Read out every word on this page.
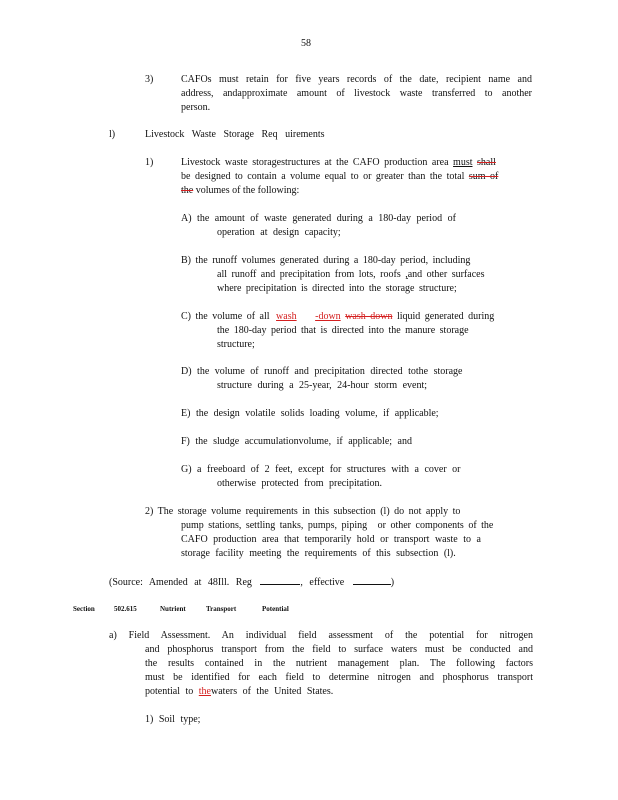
58
3)	CAFOs must retain for five years records of the date, recipient name and
address, andapproximate amount of livestock waste transferred to another
person.
l)	Livestock Waste Storage Req uirements
1)	Livestock waste storagestructures at the CAFO production area must shall
be designed to contain a volume equal to or greater than the total sum of
the volumes of the following:
A) the amount of waste generated during a 180-day period of
operation at design capacity;
B) the runoff volumes generated during a 180-day period, including
all runoff and precipitation from lots, roofs ,and other surfaces
where precipitation is directed into the storage structure;
C) the volume of all wash -down wash down liquid generated during
the 180-day period that is directed into the manure storage
structure;
D) the volume of runoff and precipitation directed tothe storage
structure during a 25-year, 24-hour storm event;
E) the design volatile solids loading volume, if applicable;
F) the sludge accumulationvolume, if applicable; and
G) a freeboard of 2 feet, except for structures with a cover or
otherwise protected from precipitation.
2) The storage volume requirements in this subsection (l) do not apply to
pump stations, settling tanks, pumps, piping or other components of the
CAFO production area that temporarily hold or transport waste to a
storage facility meeting the requirements of this subsection (l).
(Source: Amended at 48Ill. Reg	, effective	)
Section	502.615	Nutrient	Transport	Potential
a) Field Assessment. An individual field assessment of the potential for nitrogen
and phosphorus transport from the field to surface waters must be conducted and
the results contained in the nutrient management plan. The following factors
must be identified for each field to determine nitrogen and phosphorus transport
potential to thewaters of the United States.
1) Soil type;
